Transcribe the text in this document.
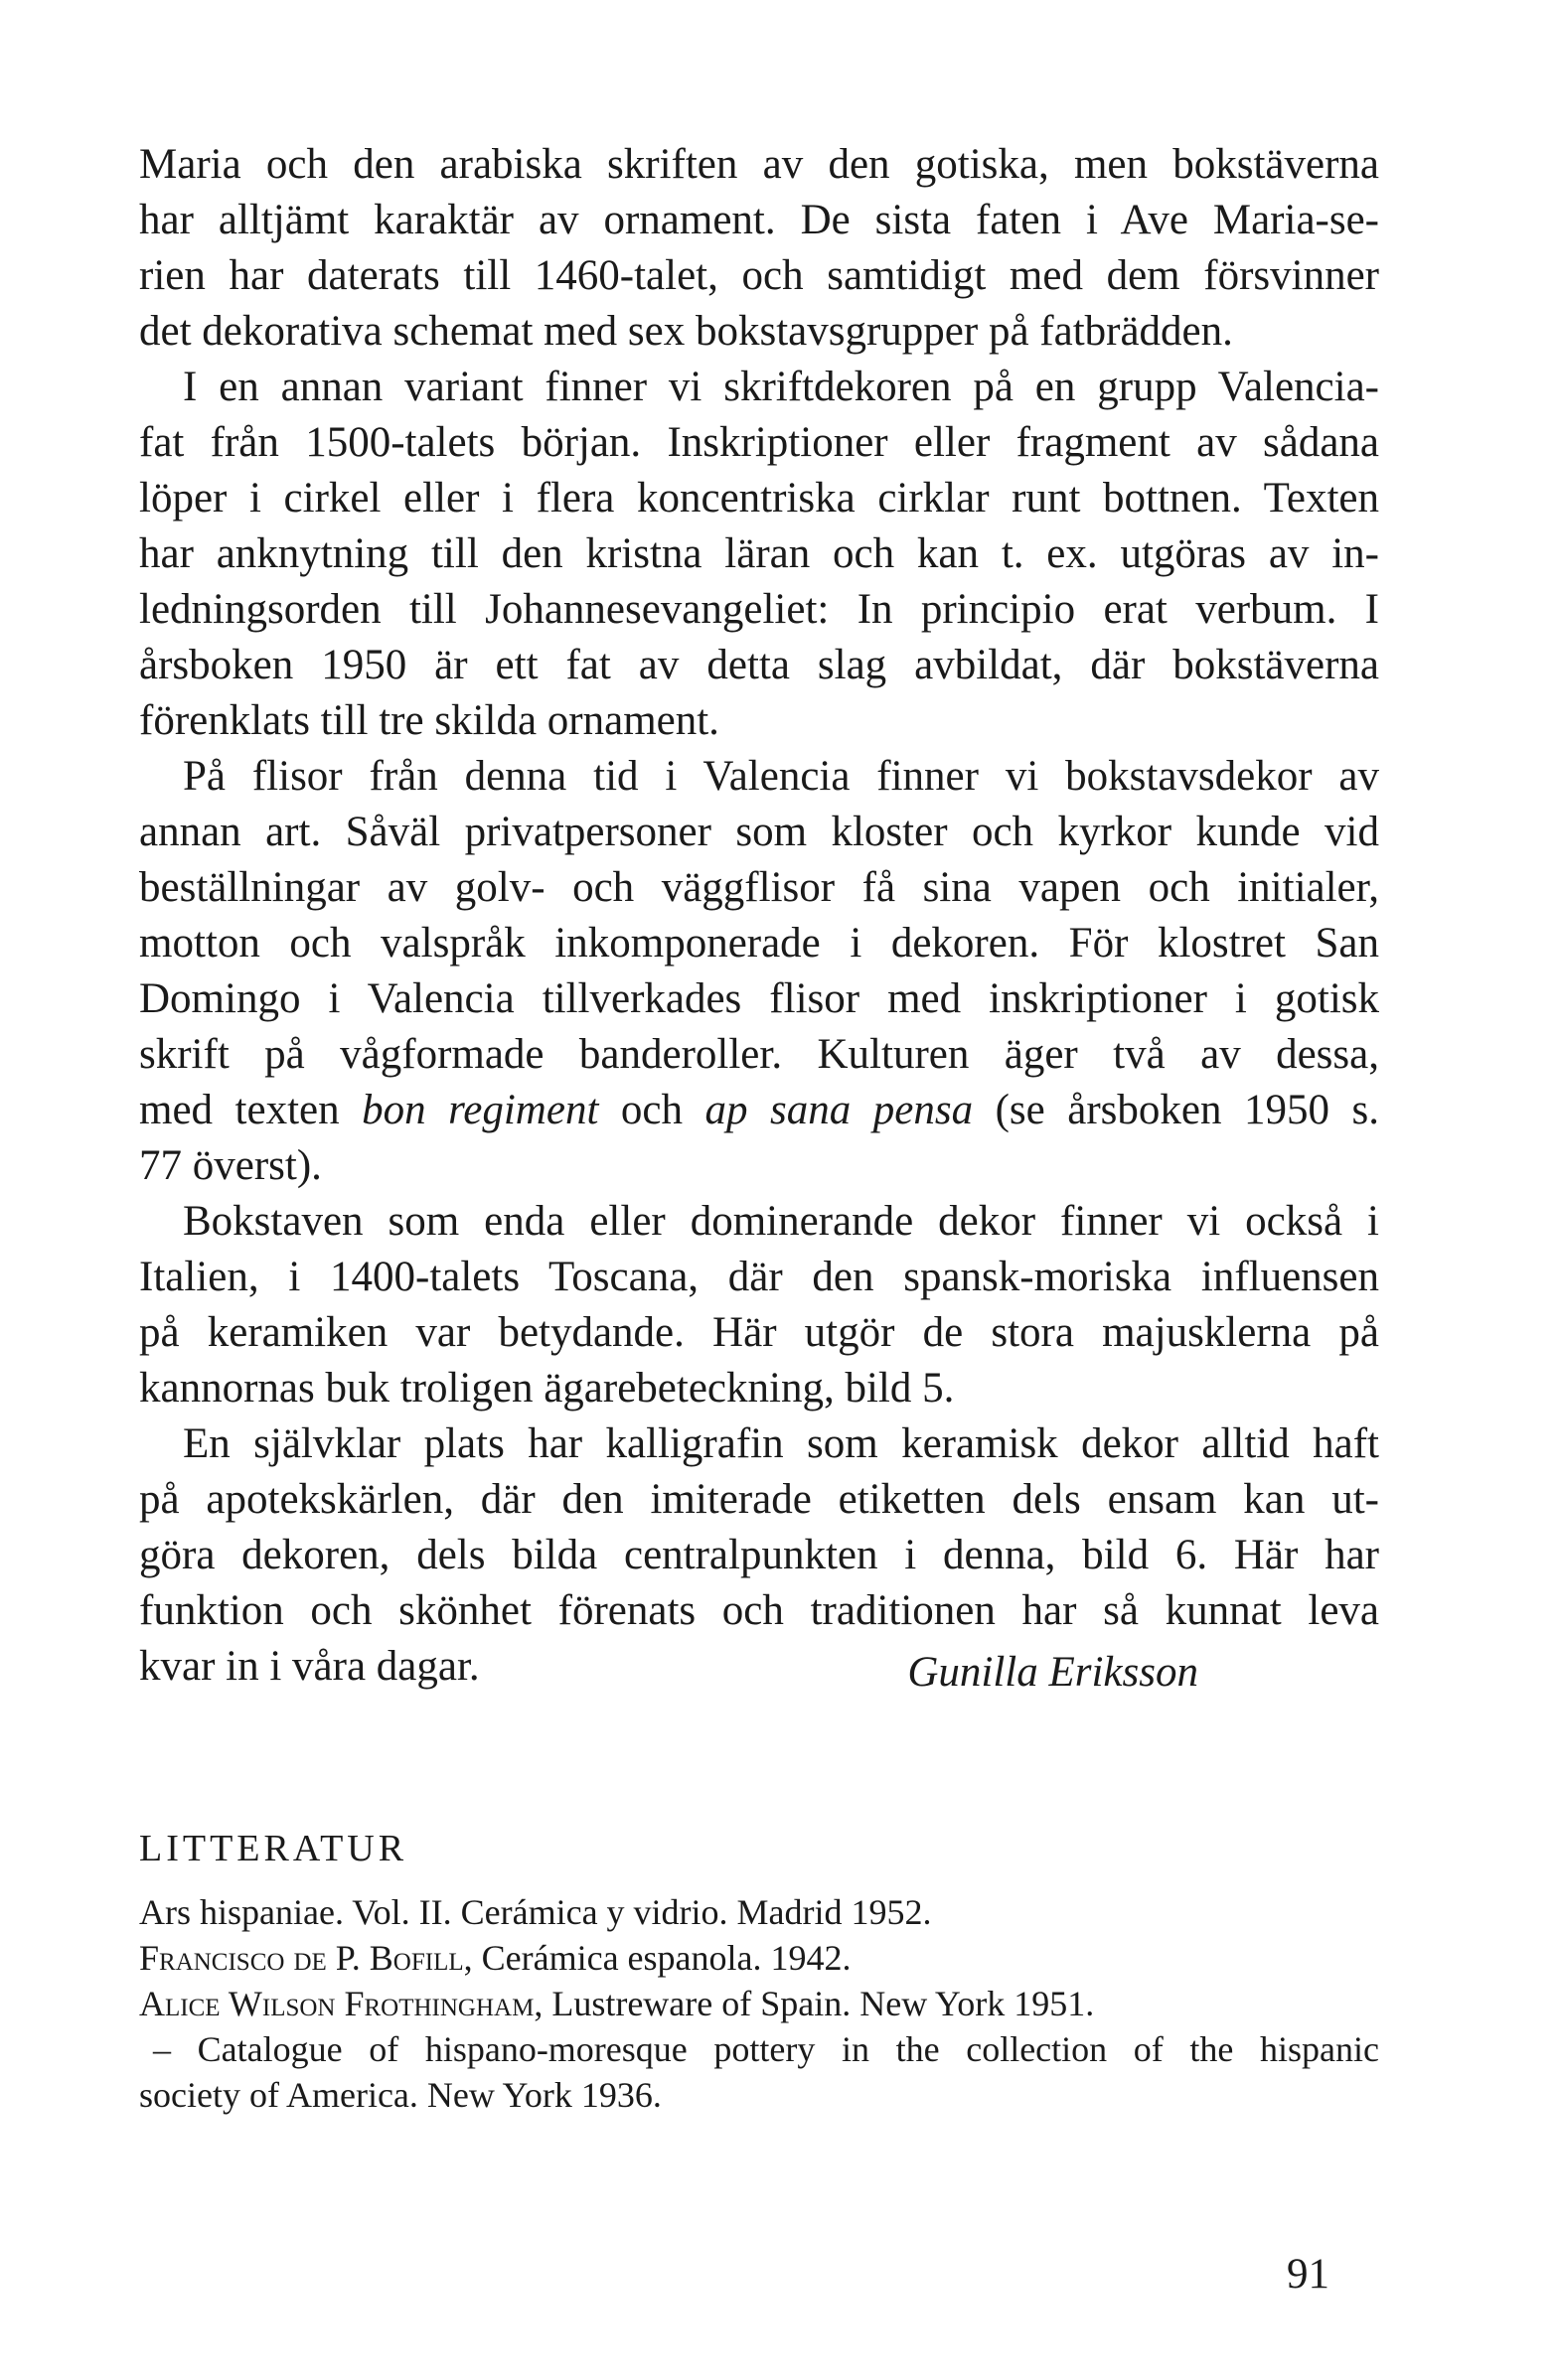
Maria och den arabiska skriften av den gotiska, men bokstäverna
har alltjämt karaktär av ornament. De sista faten i Ave Maria-se-
rien har daterats till 1460-talet, och samtidigt med dem försvinner
det dekorativa schemat med sex bokstavsgrupper på fatbrädden.
I en annan variant finner vi skriftdekoren på en grupp Valencia-
fat från 1500-talets början. Inskriptioner eller fragment av sådana
löper i cirkel eller i flera koncentriska cirklar runt bottnen. Texten
har anknytning till den kristna läran och kan t. ex. utgöras av in-
ledningsorden till Johannesevangeliet: In principio erat verbum. I
årsboken 1950 är ett fat av detta slag avbildat, där bokstäverna
förenklats till tre skilda ornament.
På flisor från denna tid i Valencia finner vi bokstavsdekor av
annan art. Såväl privatpersoner som kloster och kyrkor kunde vid
beställningar av golv- och väggflisor få sina vapen och initialer,
motton och valspråk inkomponerade i dekoren. För klostret San
Domingo i Valencia tillverkades flisor med inskriptioner i gotisk
skrift på vågformade banderoller. Kulturen äger två av dessa,
med texten bon regiment och ap sana pensa (se årsboken 1950 s.
77 överst).
Bokstaven som enda eller dominerande dekor finner vi också i
Italien, i 1400-talets Toscana, där den spansk-moriska influensen
på keramiken var betydande. Här utgör de stora majusklerna på
kannornas buk troligen ägarebeteckning, bild 5.
En självklar plats har kalligrafin som keramisk dekor alltid haft
på apotekskärlen, där den imiterade etiketten dels ensam kan ut-
göra dekoren, dels bilda centralpunkten i denna, bild 6. Här har
funktion och skönhet förenats och traditionen har så kunnat leva
kvar in i våra dagar.	Gunilla Eriksson
LITTERATUR
Ars hispaniae. Vol. II. Cerámica y vidrio. Madrid 1952.
Francisco de P. Bofill, Cerámica espanola. 1942.
Alice Wilson Frothingham, Lustreware of Spain. New York 1951.
– Catalogue of hispano-moresque pottery in the collection of the hispanic
society of America. New York 1936.
91
